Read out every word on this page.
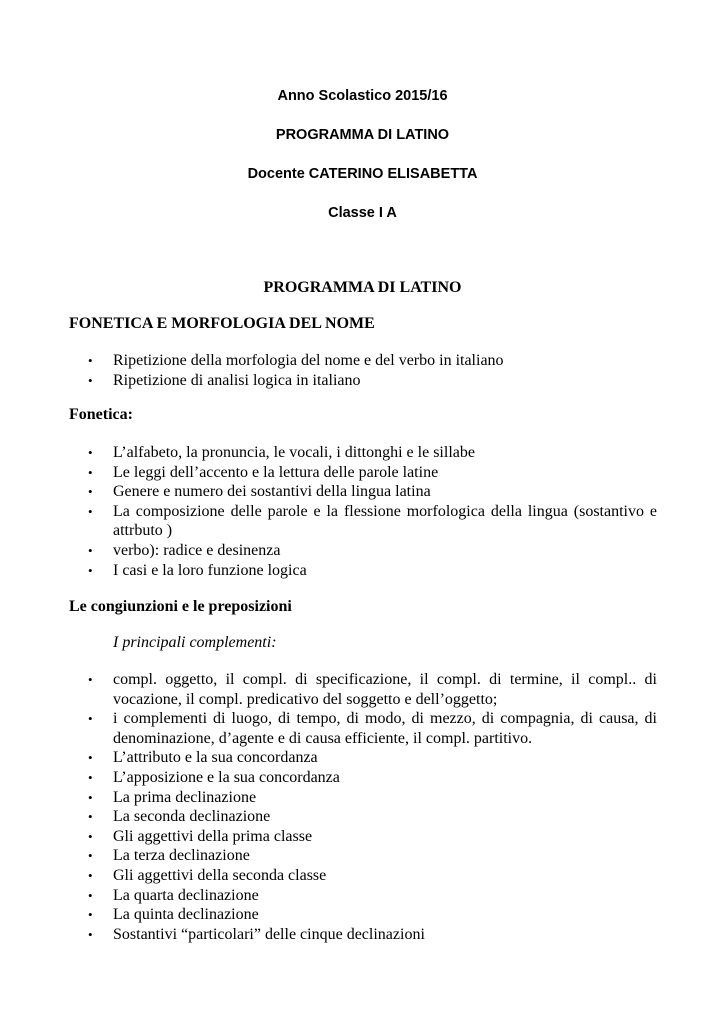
Anno Scolastico 2015/16
PROGRAMMA DI LATINO
Docente CATERINO ELISABETTA
Classe I A
PROGRAMMA DI LATINO
FONETICA E MORFOLOGIA DEL NOME
• Ripetizione della morfologia del nome e del verbo in italiano
• Ripetizione di analisi logica in italiano
Fonetica:
• L’alfabeto, la pronuncia, le vocali, i dittonghi e le sillabe
• Le leggi dell’accento e la lettura delle parole latine
• Genere e numero dei sostantivi della lingua latina
• La composizione delle parole e la flessione morfologica della lingua (sostantivo e attrbuto )
• verbo): radice e desinenza
• I casi e la loro funzione logica
Le congiunzioni e le preposizioni
I principali complementi:
• compl. oggetto, il compl. di specificazione, il compl. di termine, il compl.. di vocazione, il compl. predicativo del soggetto e dell’oggetto;
• i complementi di luogo, di tempo, di modo, di mezzo, di compagnia, di causa, di denominazione, d’agente e di causa efficiente, il compl. partitivo.
• L’attributo e la sua concordanza
• L’apposizione e la sua concordanza
• La prima declinazione
• La seconda declinazione
• Gli aggettivi della prima classe
• La terza declinazione
• Gli aggettivi della seconda classe
• La quarta declinazione
• La quinta declinazione
• Sostantivi “particolari” delle cinque declinazioni
